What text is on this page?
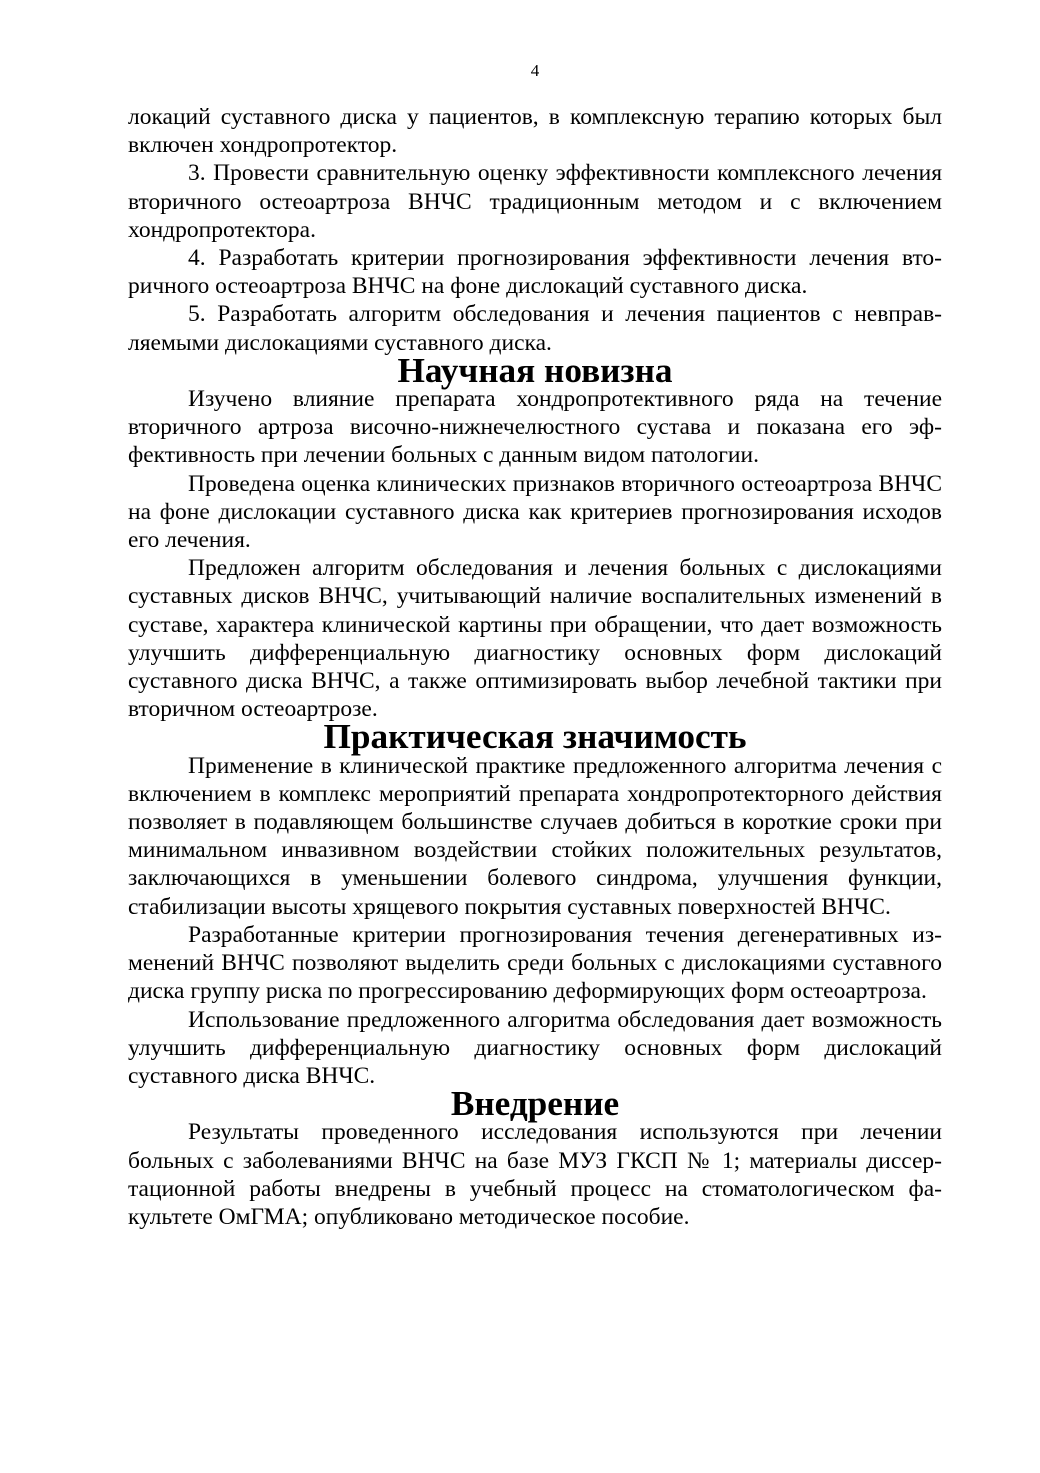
4

локаций суставного диска у пациентов, в комплексную терапию которых был включен хондропротектор.

3. Провести сравнительную оценку эффективности комплексного лечения вторичного остеоартроза ВНЧС традиционным методом и с включением хондропротектора.

4. Разработать критерии прогнозирования эффективности лечения вторичного остеоартроза ВНЧС на фоне дислокаций суставного диска.

5. Разработать алгоритм обследования и лечения пациентов с невправляемыми дислокациями суставного диска.

Научная новизна

Изучено влияние препарата хондропротективного ряда на течение вторичного артроза височно-нижнечелюстного сустава и показана его эффективность при лечении больных с данным видом патологии.

Проведена оценка клинических признаков вторичного остеоартроза ВНЧС на фоне дислокации суставного диска как критериев прогнозирования исходов его лечения.

Предложен алгоритм обследования и лечения больных с дислокациями суставных дисков ВНЧС, учитывающий наличие воспалительных изменений в суставе, характера клинической картины при обращении, что дает возможность улучшить дифференциальную диагностику основных форм дислокаций суставного диска ВНЧС, а также оптимизировать выбор лечебной тактики при вторичном остеоартрозе.

Практическая значимость

Применение в клинической практике предложенного алгоритма лечения с включением в комплекс мероприятий препарата хондропротекторного действия позволяет в подавляющем большинстве случаев добиться в короткие сроки при минимальном инвазивном воздействии стойких положительных результатов, заключающихся в уменьшении болевого синдрома, улучшения функции, стабилизации высоты хрящевого покрытия суставных поверхностей ВНЧС.

Разработанные критерии прогнозирования течения дегенеративных изменений ВНЧС позволяют выделить среди больных с дислокациями суставного диска группу риска по прогрессированию деформирующих форм остеоартроза.

Использование предложенного алгоритма обследования дает возможность улучшить дифференциальную диагностику основных форм дислокаций суставного диска ВНЧС.

Внедрение

Результаты проведенного исследования используются при лечении больных с заболеваниями ВНЧС на базе МУЗ ГКСП № 1; материалы диссертационной работы внедрены в учебный процесс на стоматологическом факультете ОмГМА; опубликовано методическое пособие.
